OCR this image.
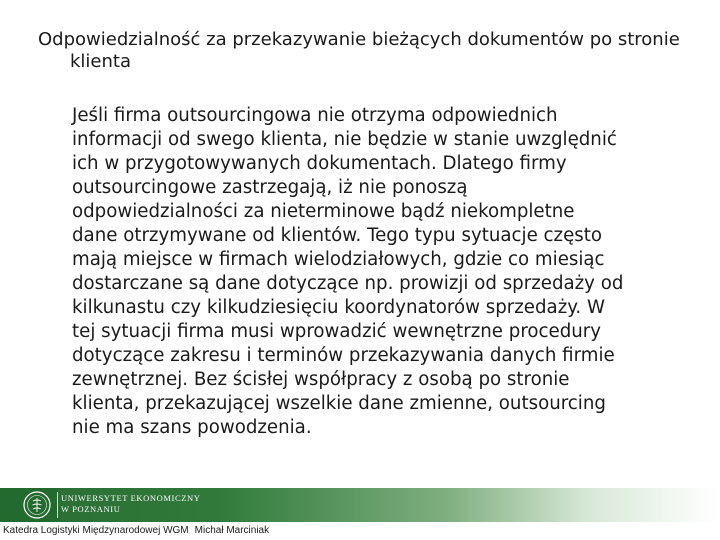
Odpowiedzialność za przekazywanie bieżących dokumentów po stronie klienta

Jeśli firma outsourcingowa nie otrzyma odpowiednich
informacji od swego klienta, nie będzie w stanie uwzględnić
ich w przygotowywanych dokumentach. Dlatego firmy
outsourcingowe zastrzegają, iż nie ponoszą
odpowiedzialności za nieterminowe bądź niekompletne
dane otrzymywane od klientów. Tego typu sytuacje często
mają miejsce w firmach wielodziałowych, gdzie co miesiąc
dostarczane są dane dotyczące np. prowizji od sprzedaży od
kilkunastu czy kilkudziesięciu koordynatorów sprzedaży. W
tej sytuacji firma musi wprowadzić wewnętrzne procedury
dotyczące zakresu i terminów przekazywania danych firmie
zewnętrznej. Bez ścisłej współpracy z osobą po stronie
klienta, przekazującej wszelkie dane zmienne, outsourcing
nie ma szans powodzenia.

UNIWERSYTET EKONOMICZNY
W POZNANIU
Katedra Logistyki Międzynarodowej WGM Michał Marciniak
